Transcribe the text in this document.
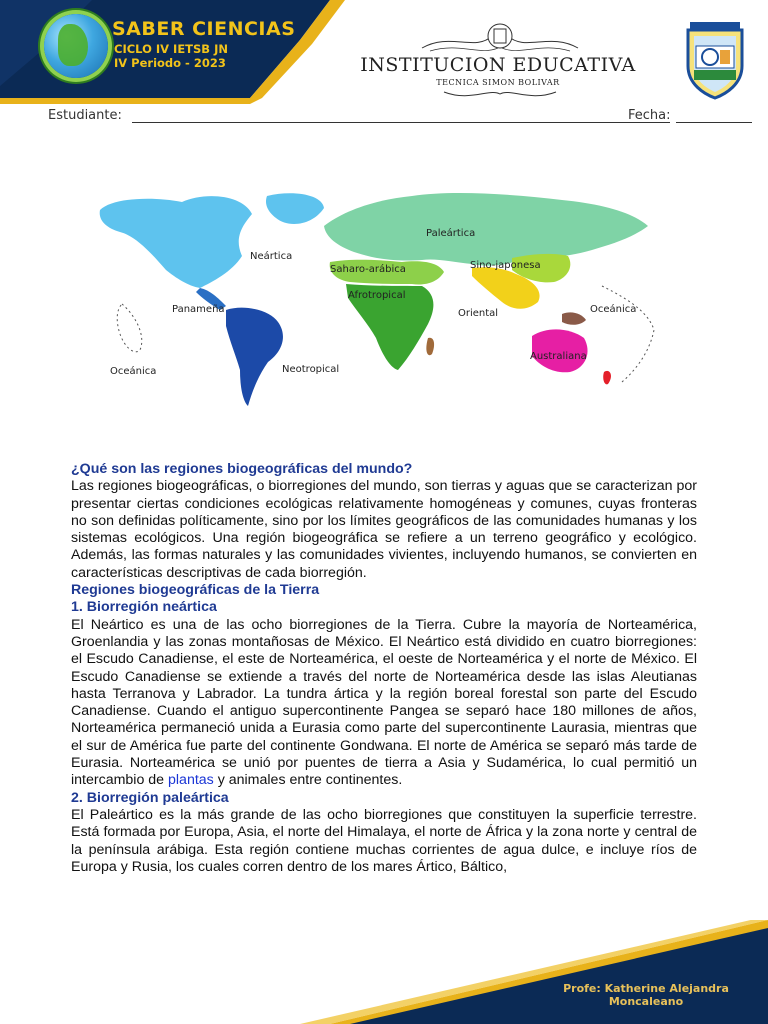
SABER CIENCIAS
CICLO IV IETSB JN
IV Periodo - 2023	INSTITUCION EDUCATIVA
TECNICA SIMON BOLIVAR
Estudiante:	Fecha:
Neártica
Paleártica
Saharo-arábica	Sino-japonesa
Afrotropical
Panameña	Oriental	Oceánica
Oceánica	Neotropical
Australiana

¿Qué son las regiones biogeográficas del mundo?

Las regiones biogeográficas, o biorregiones del mundo, son tierras y aguas que se caracterizan por presentar ciertas condiciones ecológicas relativamente homogéneas y comunes, cuyas fronteras no son definidas políticamente, sino por los límites geográficos de las comunidades humanas y los sistemas ecológicos. Una región biogeográfica se refiere a un terreno geográfico y ecológico. Además, las formas naturales y las comunidades vivientes, incluyendo humanos, se convierten en características descriptivas de cada biorregión.

Regiones biogeográficas de la Tierra

1. Biorregión neártica

El Neártico es una de las ocho biorregiones de la Tierra. Cubre la mayoría de Norteamérica, Groenlandia y las zonas montañosas de México. El Neártico está dividido en cuatro biorregiones: el Escudo Canadiense, el este de Norteamérica, el oeste de Norteamérica y el norte de México. El Escudo Canadiense se extiende a través del norte de Norteamérica desde las islas Aleutianas hasta Terranova y Labrador. La tundra ártica y la región boreal forestal son parte del Escudo Canadiense. Cuando el antiguo supercontinente Pangea se separó hace 180 millones de años, Norteamérica permaneció unida a Eurasia como parte del supercontinente Laurasia, mientras que el sur de América fue parte del continente Gondwana. El norte de América se separó más tarde de Eurasia. Norteamérica se unió por puentes de tierra a Asia y Sudamérica, lo cual permitió un intercambio de plantas y animales entre continentes.

2. Biorregión paleártica

El Paleártico es la más grande de las ocho biorregiones que constituyen la superficie terrestre. Está formada por Europa, Asia, el norte del Himalaya, el norte de África y la zona norte y central de la península arábiga. Esta región contiene muchas corrientes de agua dulce, e incluye ríos de Europa y Rusia, los cuales corren dentro de los mares Ártico, Báltico,

Profe: Katherine Alejandra
Moncaleano
